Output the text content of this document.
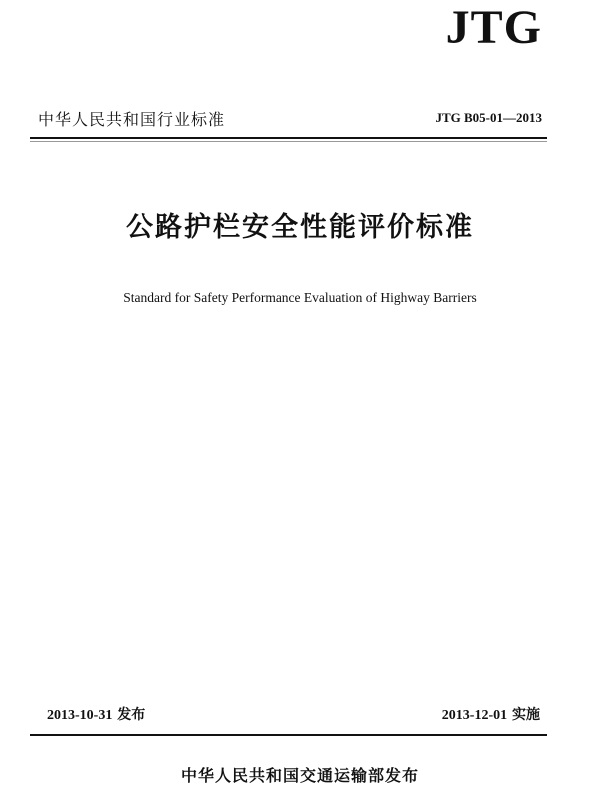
JTG
中华人民共和国行业标准	JTG B05-01—2013
公路护栏安全性能评价标准
Standard for Safety Performance Evaluation of Highway Barriers
2013-10-31 发布	2013-12-01 实施
中华人民共和国交通运输部发布
